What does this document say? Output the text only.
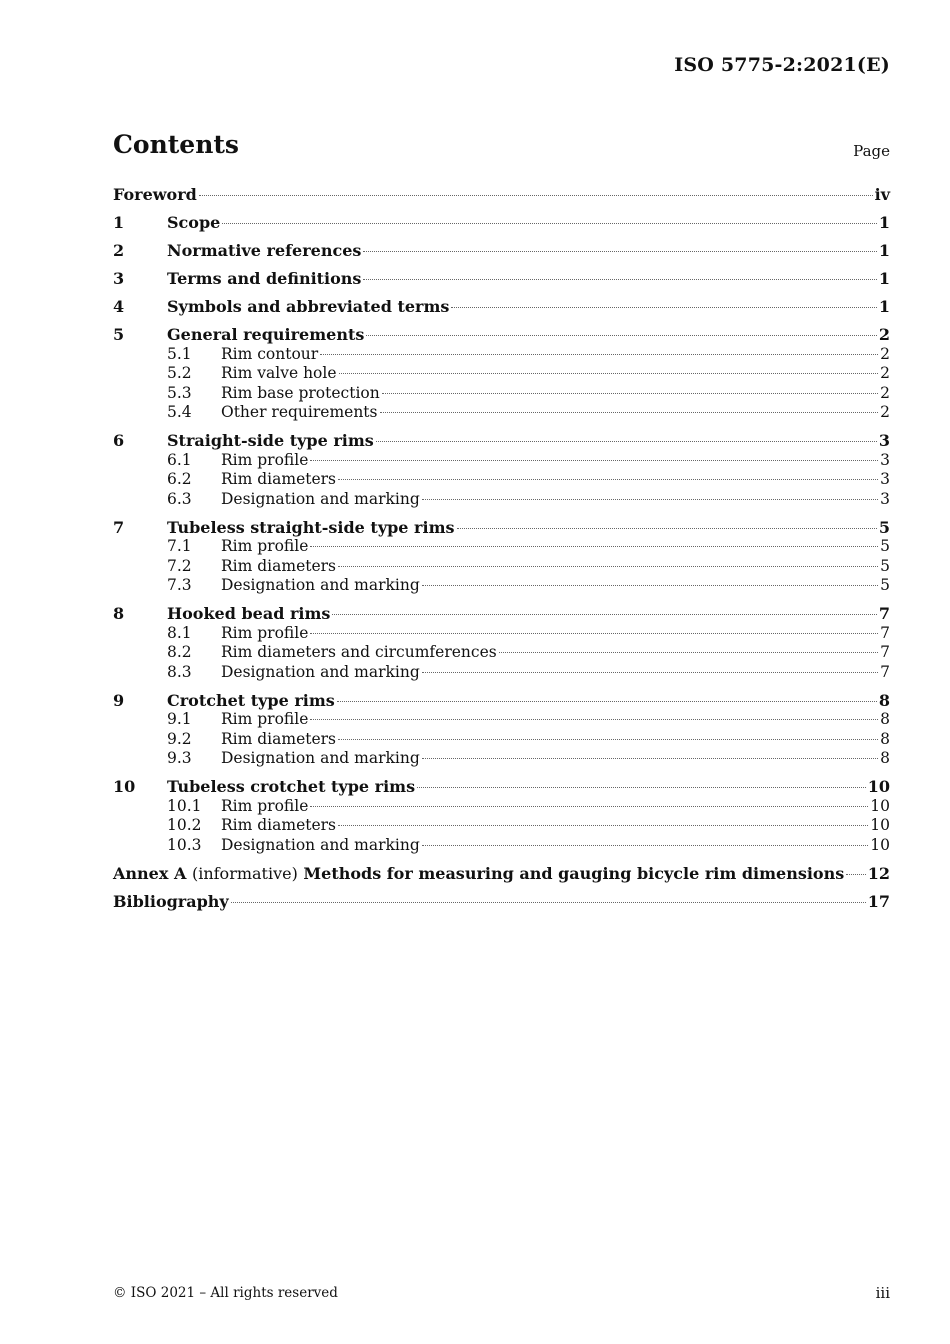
ISO 5775-2:2021(E)
Contents	Page
Foreword	iv
1	Scope	1
2	Normative references	1
3	Terms and definitions	1
4	Symbols and abbreviated terms	1
5	General requirements	2
5.1	Rim contour	2
5.2	Rim valve hole	2
5.3	Rim base protection	2
5.4	Other requirements	2
6	Straight-side type rims	3
6.1	Rim profile	3
6.2	Rim diameters	3
6.3	Designation and marking	3
7	Tubeless straight-side type rims	5
7.1	Rim profile	5
7.2	Rim diameters	5
7.3	Designation and marking	5
8	Hooked bead rims	7
8.1	Rim profile	7
8.2	Rim diameters and circumferences	7
8.3	Designation and marking	7
9	Crotchet type rims	8
9.1	Rim profile	8
9.2	Rim diameters	8
9.3	Designation and marking	8
10	Tubeless crotchet type rims	10
10.1	Rim profile	10
10.2	Rim diameters	10
10.3	Designation and marking	10
Annex A (informative) Methods for measuring and gauging bicycle rim dimensions 12
Bibliography	17
© ISO 2021 – All rights reserved	iii
